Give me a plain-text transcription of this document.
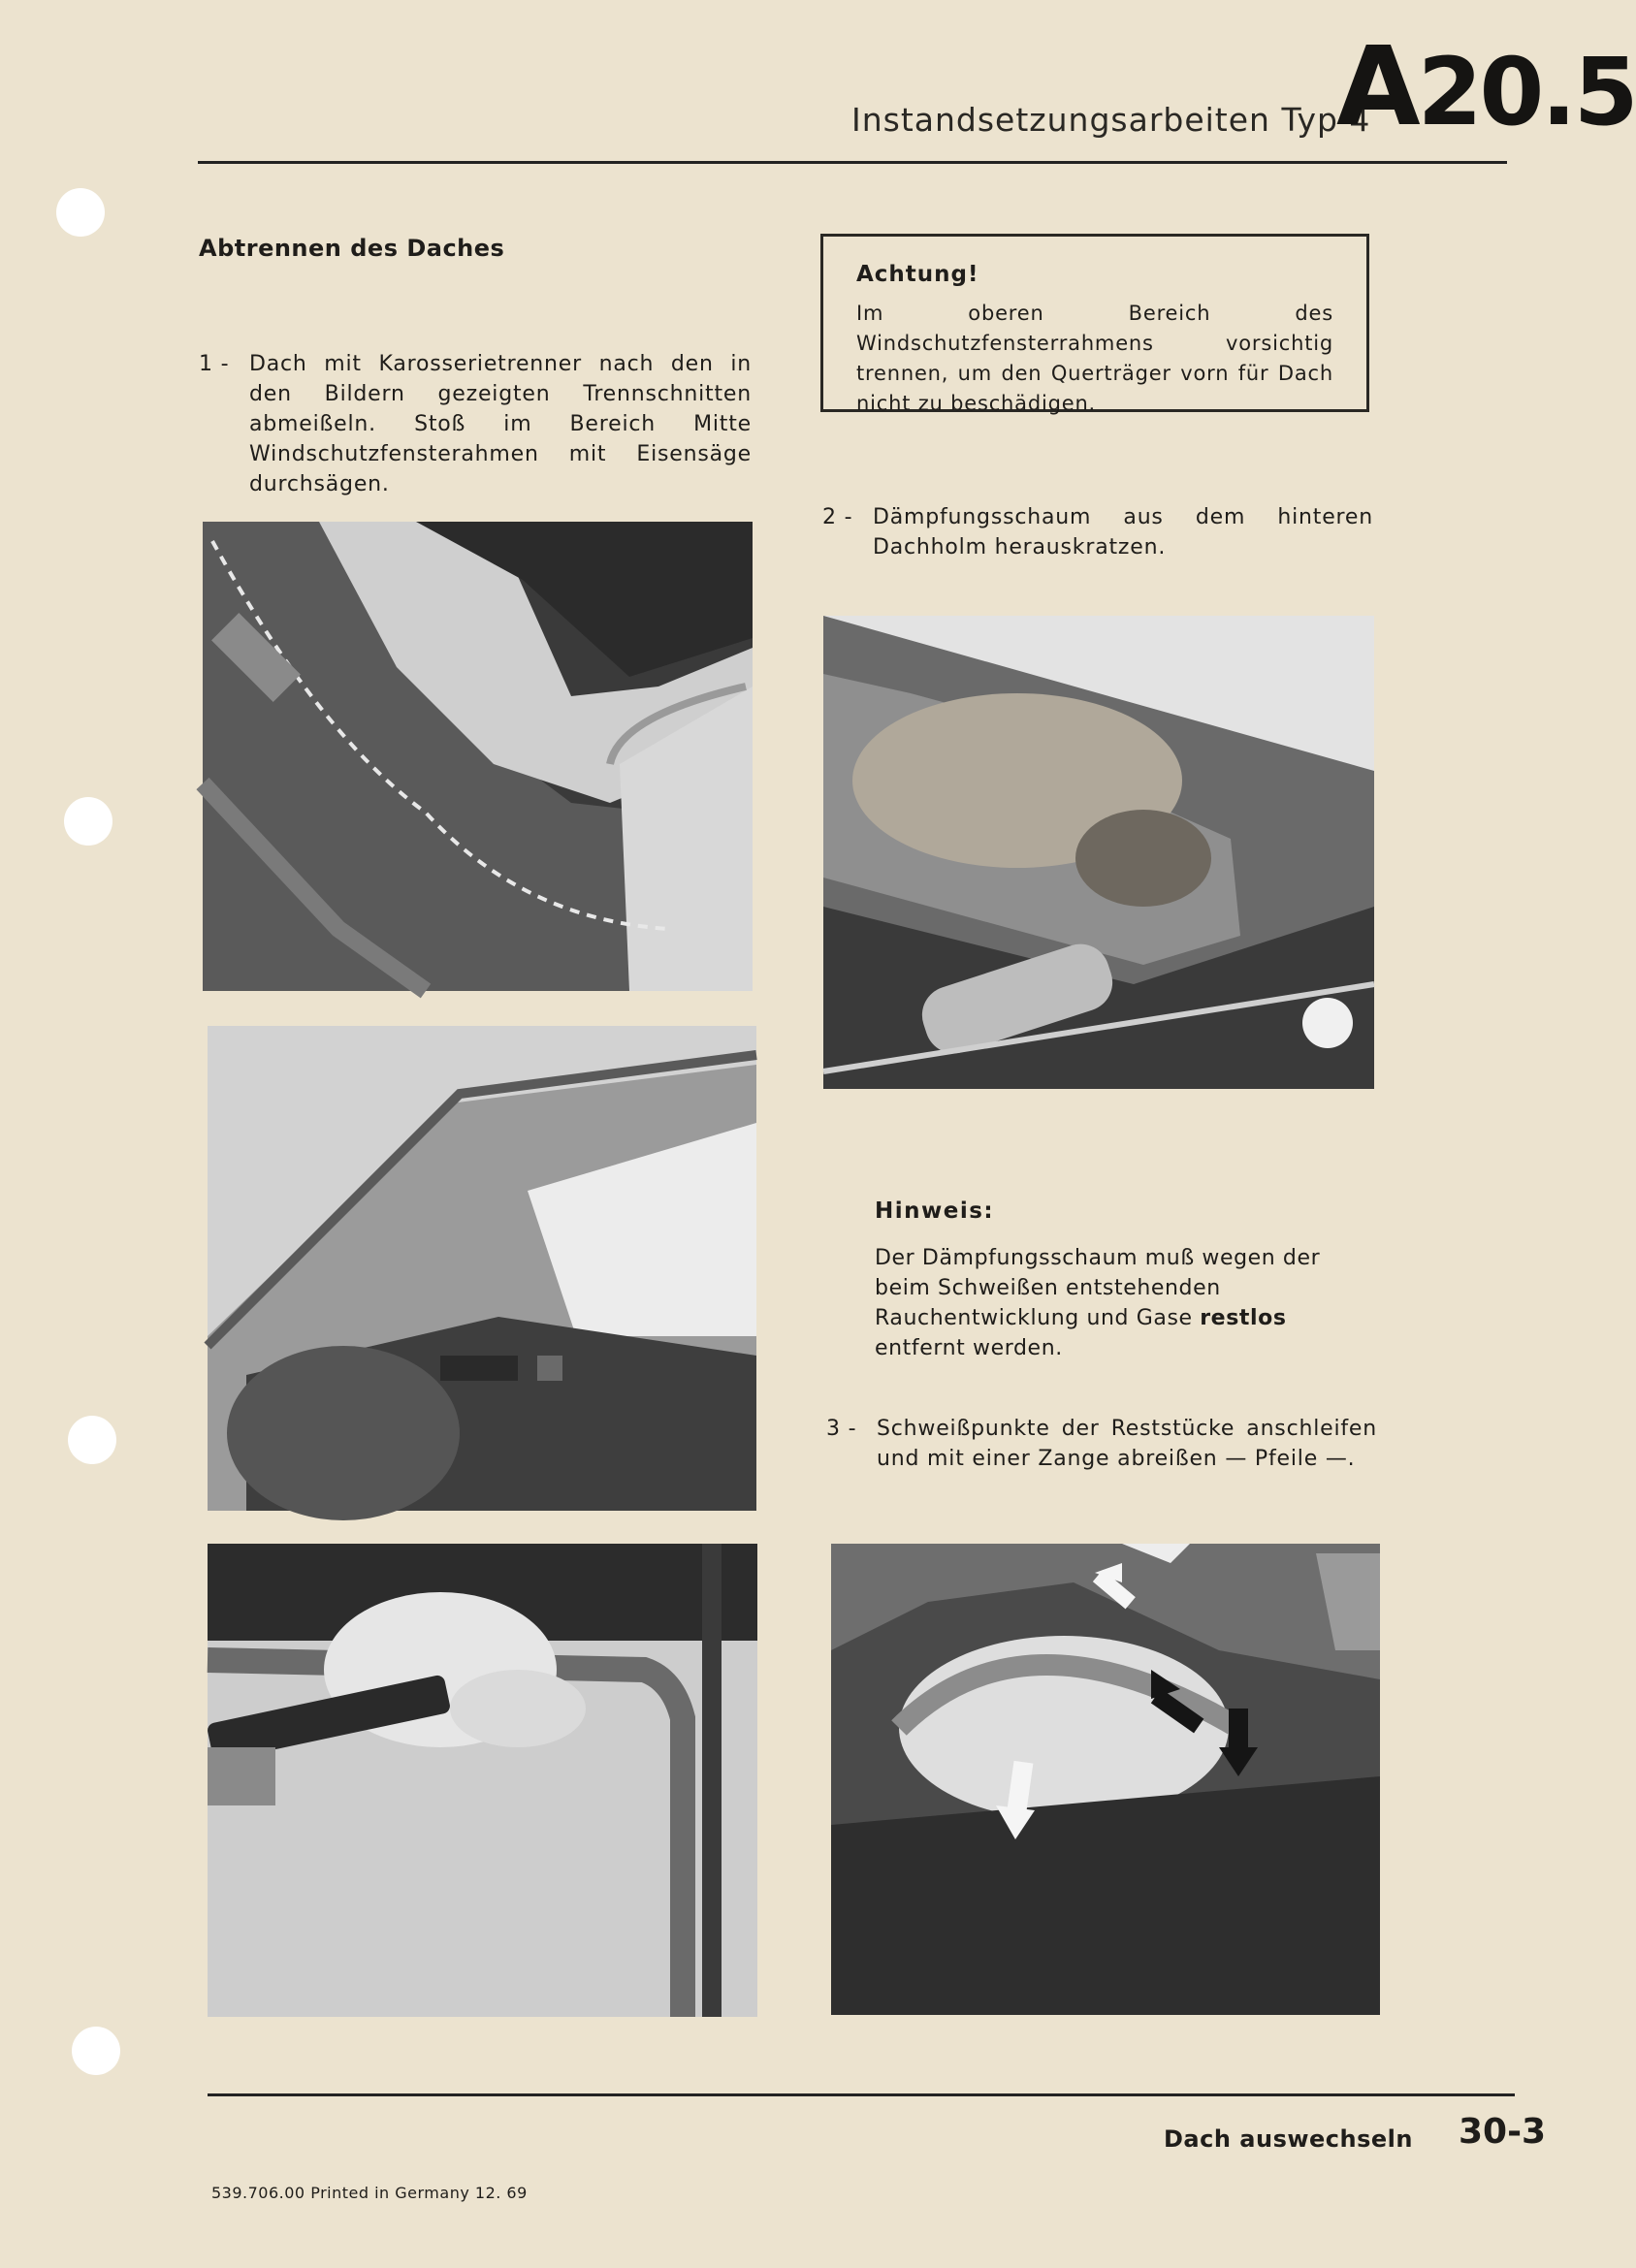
Instandsetzungsarbeiten Typ 4
A20.5
Abtrennen des Daches
1 - Dach mit Karosserietrenner nach den in den Bildern gezeigten Trennschnitten abmeißeln. Stoß im Bereich Mitte Windschutzfensterahmen mit Eisensäge durchsägen.
Achtung!
Im oberen Bereich des Windschutzfensterrahmens vorsichtig trennen, um den Querträger vorn für Dach nicht zu beschädigen.
2 - Dämpfungsschaum aus dem hinteren Dachholm herauskratzen.
Hinweis:
Der Dämpfungsschaum muß wegen der beim Schweißen entstehenden Rauchentwicklung und Gase restlos entfernt werden.
3 - Schweißpunkte der Reststücke anschleifen und mit einer Zange abreißen — Pfeile —.
Dach auswechseln 30-3
539.706.00 Printed in Germany 12. 69
